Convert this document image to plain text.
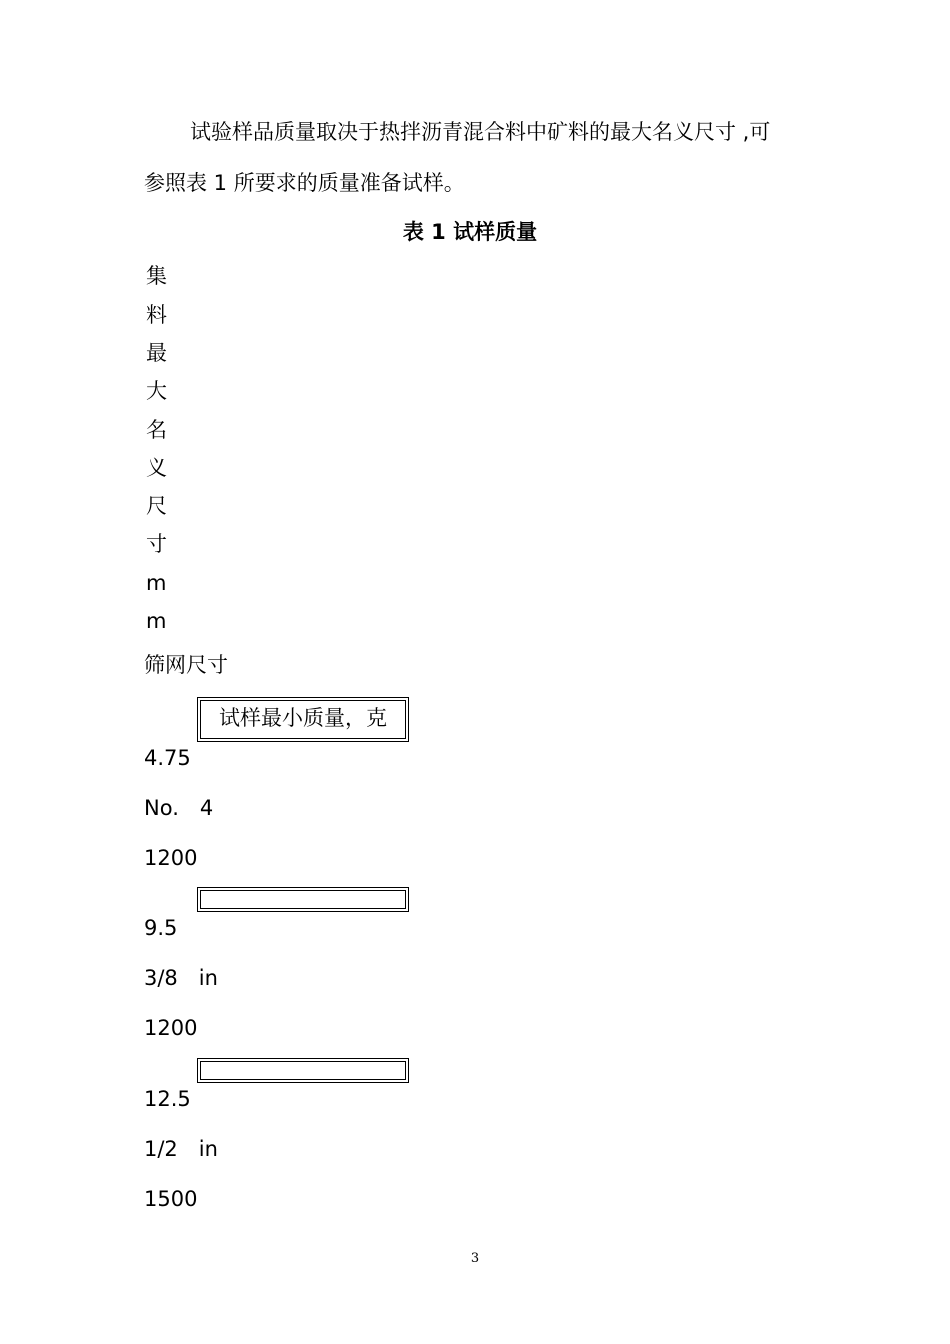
试验样品质量取决于热拌沥青混合料中矿料的最大名义尺寸 ,可
参照表 1 所要求的质量准备试样。
表 1 试样质量
集
料
最
大
名
义
尺
寸
m
m
筛网尺寸
试样最小质量，克
4.75
No.　4
1200
9.5
3/8　in
1200
12.5
1/2　in
1500
3
